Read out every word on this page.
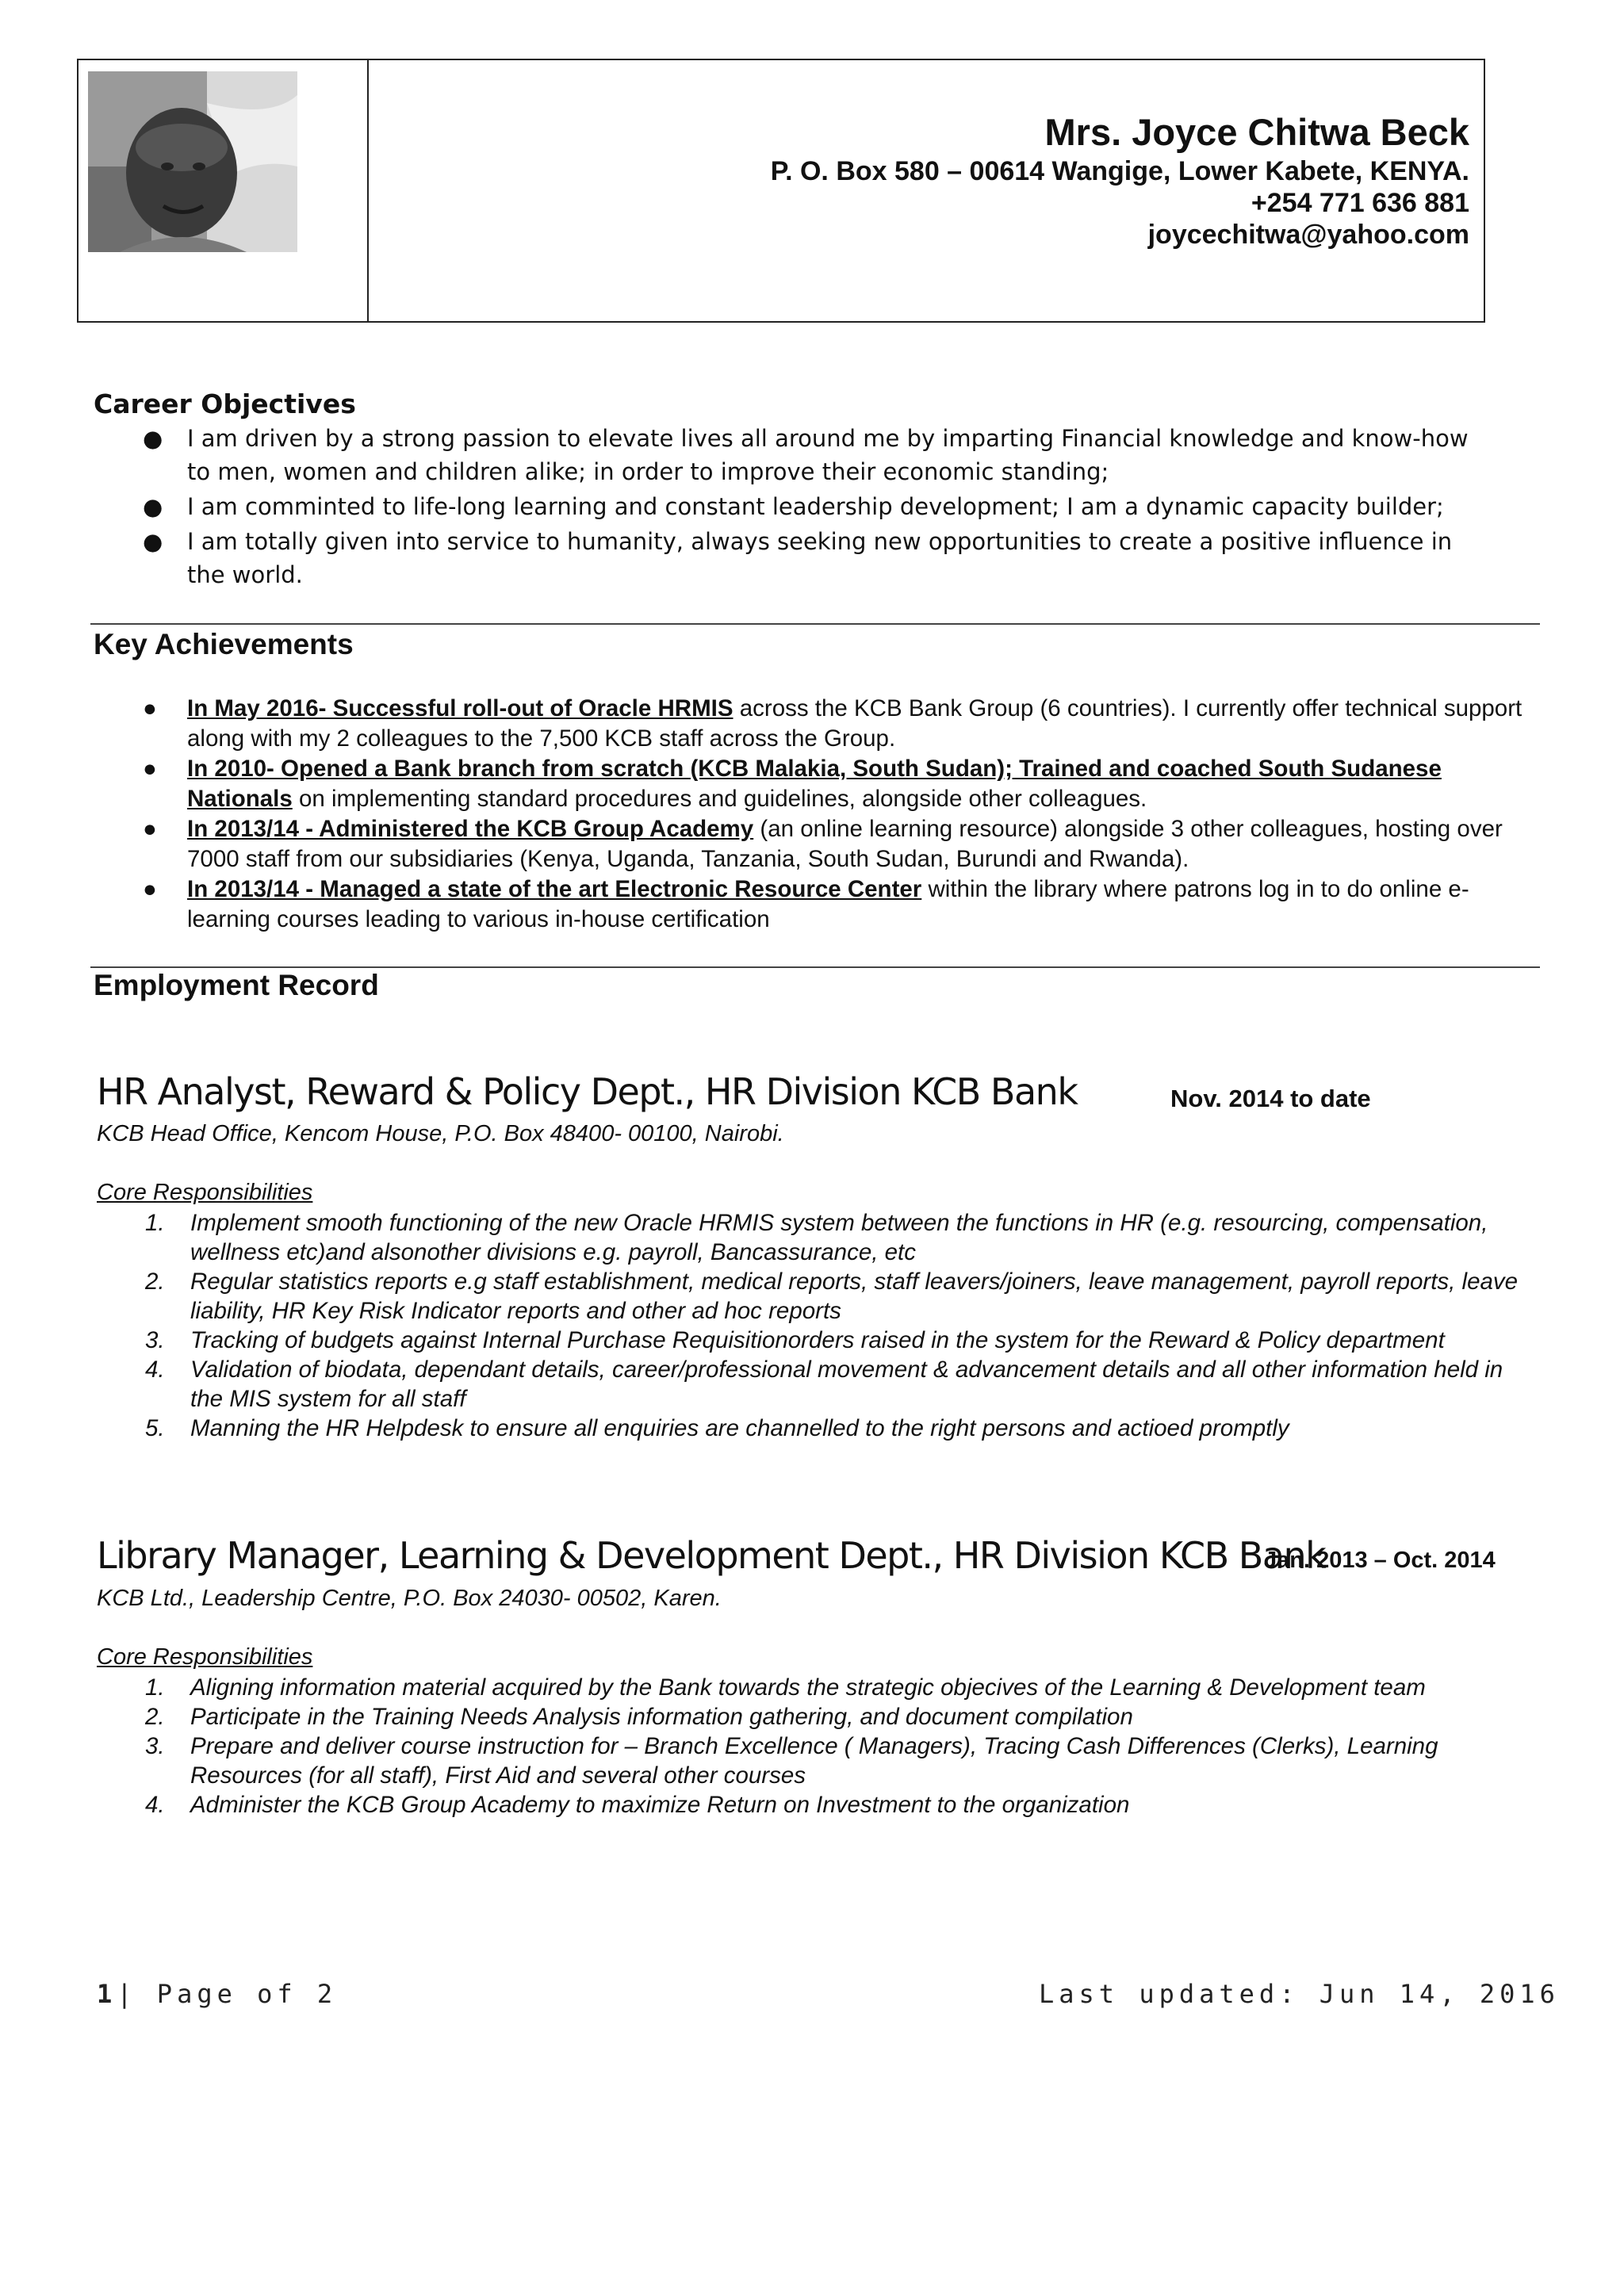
Mrs. Joyce Chitwa Beck
P. O. Box 580 – 00614 Wangige, Lower Kabete, KENYA.
+254 771 636 881
joycechitwa@yahoo.com
Career Objectives
● I am driven by a strong passion to elevate lives all around me by imparting Financial knowledge and know-how to men, women and children alike; in order to improve their economic standing;
● I am comminted to life-long learning and constant leadership development; I am a dynamic capacity builder;
● I am totally given into service to humanity, always seeking new opportunities to create a positive influence in the world.
Key Achievements
● In May 2016- Successful roll-out of Oracle HRMIS across the KCB Bank Group (6 countries). I currently offer technical support along with my 2 colleagues to the 7,500 KCB staff across the Group.
● In 2010- Opened a Bank branch from scratch (KCB Malakia, South Sudan); Trained and coached South Sudanese Nationals on implementing standard procedures and guidelines, alongside other colleagues.
● In 2013/14 - Administered the KCB Group Academy (an online learning resource) alongside 3 other colleagues, hosting over 7000 staff from our subsidiaries (Kenya, Uganda, Tanzania, South Sudan, Burundi and Rwanda).
● In 2013/14 - Managed a state of the art Electronic Resource Center within the library where patrons log in to do online e-learning courses leading to various in-house certification
Employment Record
HR Analyst, Reward & Policy Dept., HR Division KCB Bank	Nov. 2014 to date
KCB Head Office, Kencom House, P.O. Box 48400- 00100, Nairobi.
Core Responsibilities
1. Implement smooth functioning of the new Oracle HRMIS system between the functions in HR (e.g. resourcing, compensation, wellness etc)and alsonother divisions e.g. payroll, Bancassurance, etc
2. Regular statistics reports e.g staff establishment, medical reports, staff leavers/joiners, leave management, payroll reports, leave liability, HR Key Risk Indicator reports and other ad hoc reports
3. Tracking of budgets against Internal Purchase Requisitionorders raised in the system for the Reward & Policy department
4. Validation of biodata, dependant details, career/professional movement & advancement details and all other information held in the MIS system for all staff
5. Manning the HR Helpdesk to ensure all enquiries are channelled to the right persons and actioed promptly
Library Manager, Learning & Development Dept., HR Division KCB Bank
Jan. 2013 – Oct. 2014
KCB Ltd., Leadership Centre, P.O. Box 24030- 00502, Karen.
Core Responsibilities
1. Aligning information material acquired by the Bank towards the strategic objecives of the Learning & Development team
2. Participate in the Training Needs Analysis information gathering, and document compilation
3. Prepare and deliver course instruction for – Branch Excellence ( Managers), Tracing Cash Differences (Clerks), Learning Resources (for all staff), First Aid and several other courses
4. Administer the KCB Group Academy to maximize Return on Investment to the organization
1| Page of 2	Last updated: Jun 14, 2016
